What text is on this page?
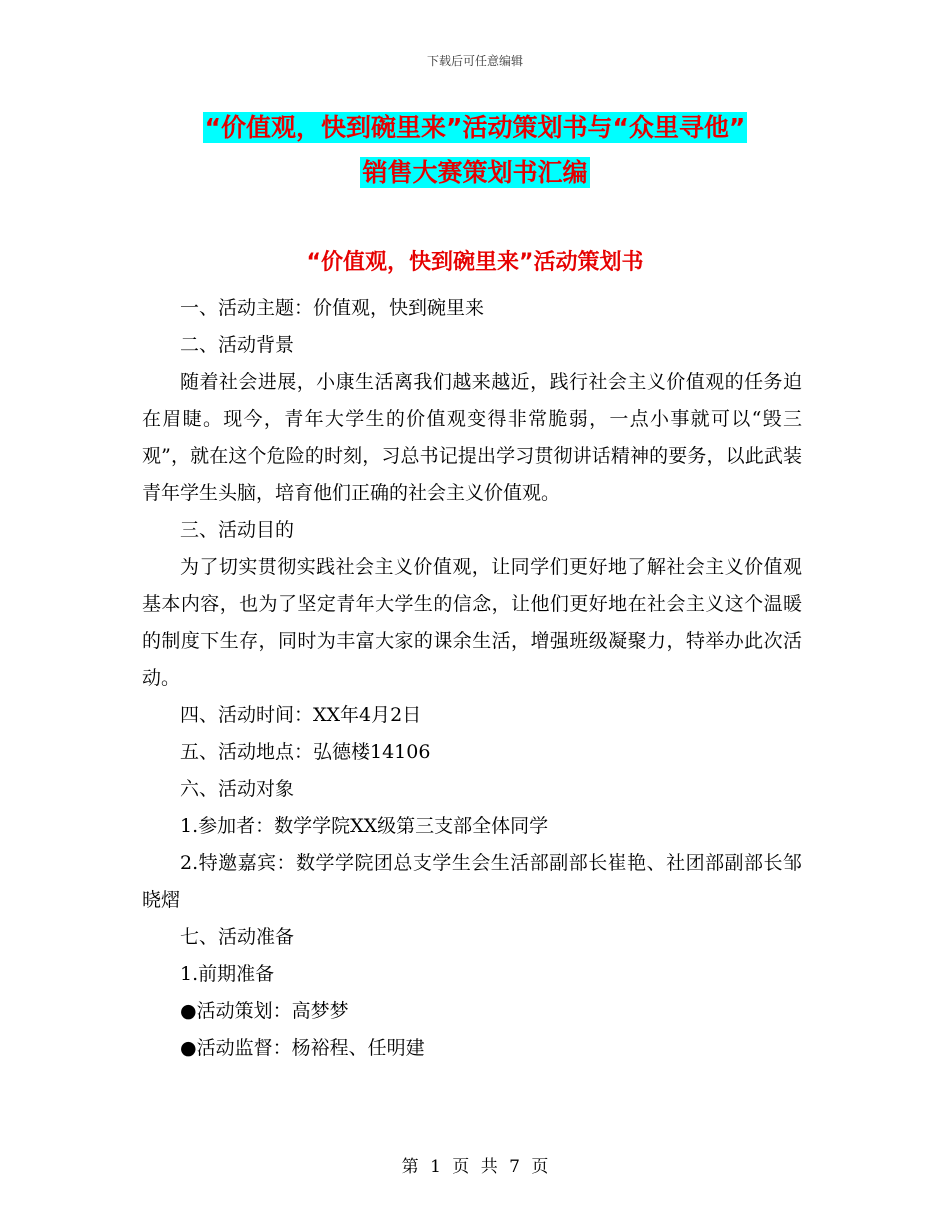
下载后可任意编辑
“价值观，快到碗里来”活动策划书与“众里寻他”
销售大赛策划书汇编
“价值观，快到碗里来”活动策划书

一、活动主题：价值观，快到碗里来

二、活动背景

随着社会进展，小康生活离我们越来越近，践行社会主义价值观的任务迫在眉睫。现今，青年大学生的价值观变得非常脆弱，一点小事就可以“毁三观”，就在这个危险的时刻，习总书记提出学习贯彻讲话精神的要务，以此武装青年学生头脑，培育他们正确的社会主义价值观。

三、活动目的

为了切实贯彻实践社会主义价值观，让同学们更好地了解社会主义价值观基本内容，也为了坚定青年大学生的信念，让他们更好地在社会主义这个温暖的制度下生存，同时为丰富大家的课余生活，增强班级凝聚力，特举办此次活动。

四、活动时间：XX年4月2日

五、活动地点：弘德楼14106

六、活动对象

1.参加者：数学学院XX级第三支部全体同学

2.特邀嘉宾：数学学院团总支学生会生活部副部长崔艳、社团部副部长邹晓熠

七、活动准备

1.前期准备

●活动策划：高梦梦

●活动监督：杨裕程、任明建

第 1 页 共 7 页
